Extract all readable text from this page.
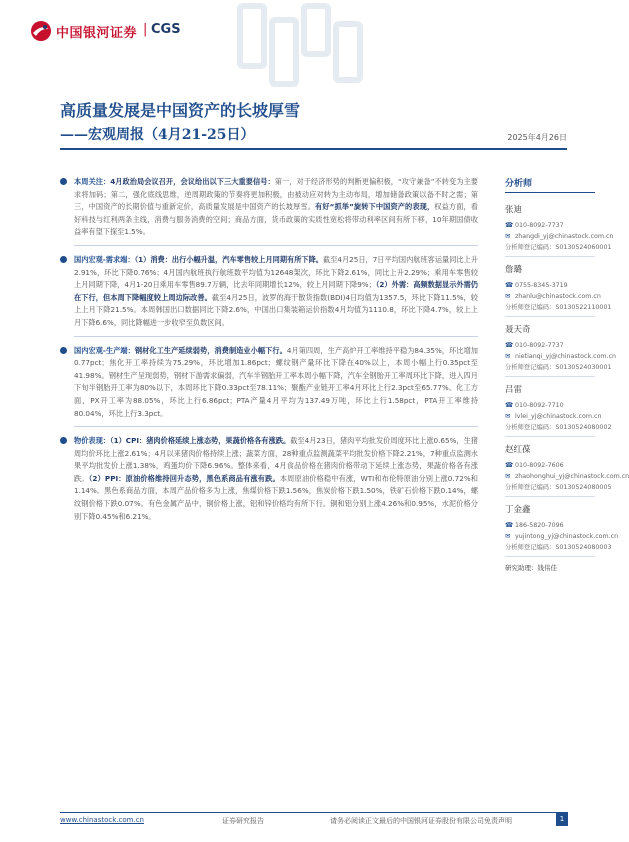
中国银河证券 | CGS
高质量发展是中国资产的长坡厚雪
——宏观周报（4月21-25日）	2025年4月26日
本周关注：4月政治局会议召开，会议给出以下三大重要信号：第一，对于经济形势的判断更偏积极，“攻守兼备”不转变为主要求将加码；第二，强化底线思维，逆周期政策的节奏将更加积极，由被动应对转为主动布局，增加储备政策以备不时之需；第三，中国资产的长期价值与重新定价，高质量发展是中国资产的长坡厚雪。有好“抓举”旋转下中国资产的表现，权益方面，看好科技与红利两条主线，消费与服务消费的空间；商品方面，货币政策的实质性宽松将带动利率区间有所下移，10年期国债收益率有望下探至1.5%。
国内宏观-需求端：（1）消费：出行小幅升温，汽车零售较上月同期有所下降。截至4月25日，7日平均国内航班客运量同比上升2.91%，环比下降0.76%；4月国内航班执行航班数平均值为12648架次，环比下降2.61%，同比上升2.29%；乘用车零售较上月同期下降，4月1-20日乘用车零售89.7万辆，比去年同期增长12%，较上月同期下降9%；（2）外需：高频数据显示外需仍在下行，但本周下降幅度较上周边际改善。截至4月25日，波罗的海干散货指数(BDI)4日均值为1357.5，环比下降11.5%，较上上月下降21.5%。本周韩国出口数据同比下降2.6%，中国出口集装箱运价指数4月均值为1110.8，环比下降4.7%，较上上月下降6.6%，同比降幅进一步收窄至负数区间。
国内宏观-生产端：钢材化工生产延续弱势，消费制造业小幅下行。4月第四周，生产高炉开工率维持平稳为84.35%，环比增加0.77pct；焦化开工率持续为75.29%，环比增加1.86pct；螺纹钢产量环比下降在40%以上，本周小幅上行0.35pct至41.98%。钢材生产呈现弱势，钢材下游需求偏弱，汽车半钢胎开工率本周小幅下降，汽车全钢胎开工率周环比下降，进入四月下旬半钢胎开工率为80%以下，本周环比下降0.33pct至78.11%；聚酯产业链开工率4月环比上行2.3pct至65.77%。化工方面，PX开工率为88.05%，环比上行6.86pct；PTA产量4月平均为137.49万吨，环比上行1.58pct，PTA开工率维持80.04%，环比上行3.3pct。
物价表现：（1）CPI：猪肉价格延续上涨态势，果蔬价格各有涨跌。截至4月23日，猪肉平均批发价周度环比上涨0.65%，生猪周均价环比上涨2.61%；4月以来猪肉价格持续上涨；蔬菜方面，28种重点监测蔬菜平均批发价格下降2.21%，7种重点监测水果平均批发价上涨1.38%，鸡蛋均价下降6.96%。整体来看，4月食品价格在猪肉价格带动下延续上涨态势，果蔬价格各有涨跌。（2）PPI：原油价格维持回升态势，黑色系商品有涨有跌。本周原油价格稳中有涨，WTI和布伦特原油分别上涨0.72%和1.14%。黑色系商品方面，本周产品价格多为上涨，焦煤价格下跌1.56%，焦炭价格下跌1.50%，铁矿石价格下跌0.14%，螺纹钢价格下跌0.07%。有色金属产品中，铜价格上涨，铝和锌价格均有所下行。铜和铝分别上涨4.26%和0.95%，水泥价格分别下降0.45%和6.21%。
分析师
张迪
☎ 010-8092-7737
✉ zhangdi_yj@chinastock.com.cn
分析师登记编码：S0130524060001
詹璐
☎ 0755-8345-3719
✉ zhanlu@chinastock.com.cn
分析师登记编码：S0130522110001
聂天奇
☎ 010-8092-7737
✉ nietianqi_yj@chinastock.com.cn
分析师登记编码：S0130524030001
吕雷
☎ 010-8092-7710
✉ lvlei_yj@chinastock.com.cn
分析师登记编码：S0130524080002
赵红葆
☎ 010-8092-7606
✉ zhaohonghui_yj@chinastock.com.cn
分析师登记编码：S0130524080005
丁金鑫
☎ 186-5820-7096
✉ yujintong_yj@chinastock.com.cn
分析师登记编码：S0130524080003
研究助理：钱伟佳
www.chinastock.com.cn	证券研究报告	请务必阅读正文最后的中国银河证券股份有限公司免责声明	1
